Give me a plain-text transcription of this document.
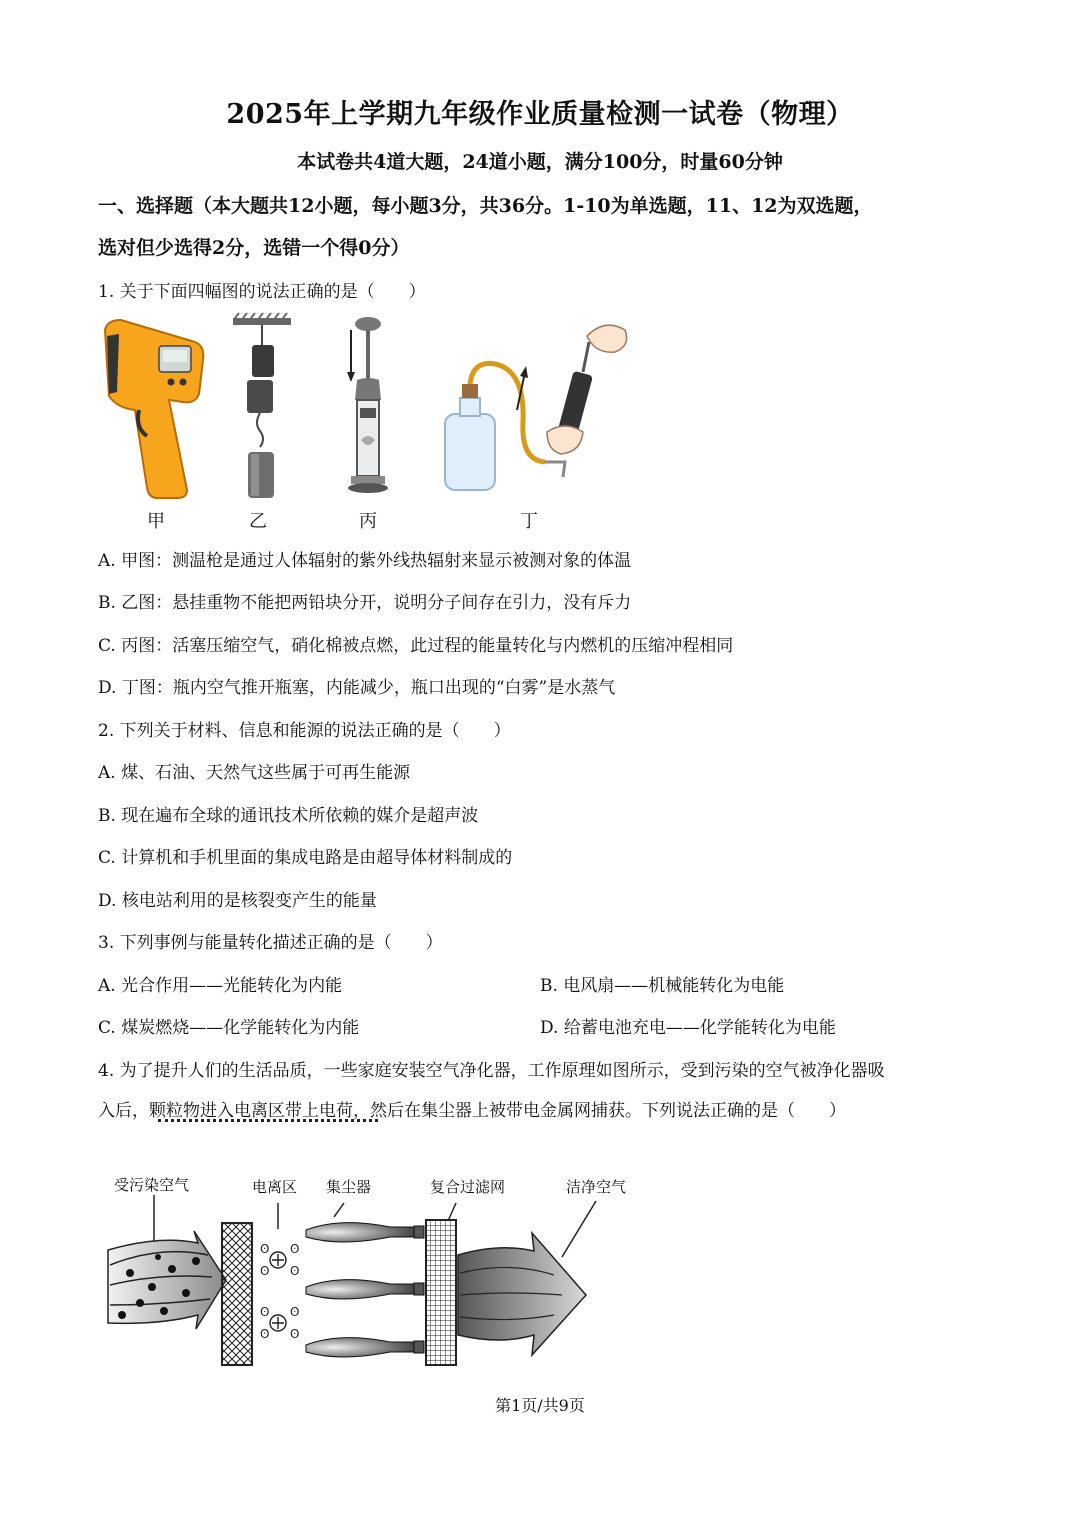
2025年上学期九年级作业质量检测一试卷（物理）
本试卷共4道大题，24道小题，满分100分，时量60分钟
一、选择题（本大题共12小题，每小题3分，共36分。1-10为单选题，11、12为双选题，
选对但少选得2分，选错一个得0分）
1. 关于下面四幅图的说法正确的是（　　）
甲	乙	丙	丁
A. 甲图：测温枪是通过人体辐射的紫外线热辐射来显示被测对象的体温
B. 乙图：悬挂重物不能把两铅块分开，说明分子间存在引力，没有斥力
C. 丙图：活塞压缩空气，硝化棉被点燃，此过程的能量转化与内燃机的压缩冲程相同
D. 丁图：瓶内空气推开瓶塞，内能减少，瓶口出现的“白雾”是水蒸气
2. 下列关于材料、信息和能源的说法正确的是（　　）
A. 煤、石油、天然气这些属于可再生能源
B. 现在遍布全球的通讯技术所依赖的媒介是超声波
C. 计算机和手机里面的集成电路是由超导体材料制成的
D. 核电站利用的是核裂变产生的能量
3. 下列事例与能量转化描述正确的是（　　）
A. 光合作用——光能转化为内能	B. 电风扇——机械能转化为电能
C. 煤炭燃烧——化学能转化为内能	D. 给蓄电池充电——化学能转化为电能
4. 为了提升人们的生活品质，一些家庭安装空气净化器，工作原理如图所示，受到污染的空气被净化器吸
入后，颗粒物进入电离区带上电荷，然后在集尘器上被带电金属网捕获。下列说法正确的是（　　）
受污染空气	电离区 集尘器	复合过滤网	洁净空气
ʘ ʘ
ʘ ʘ
ʘ ʘ
ʘ ʘ
第1页/共9页
